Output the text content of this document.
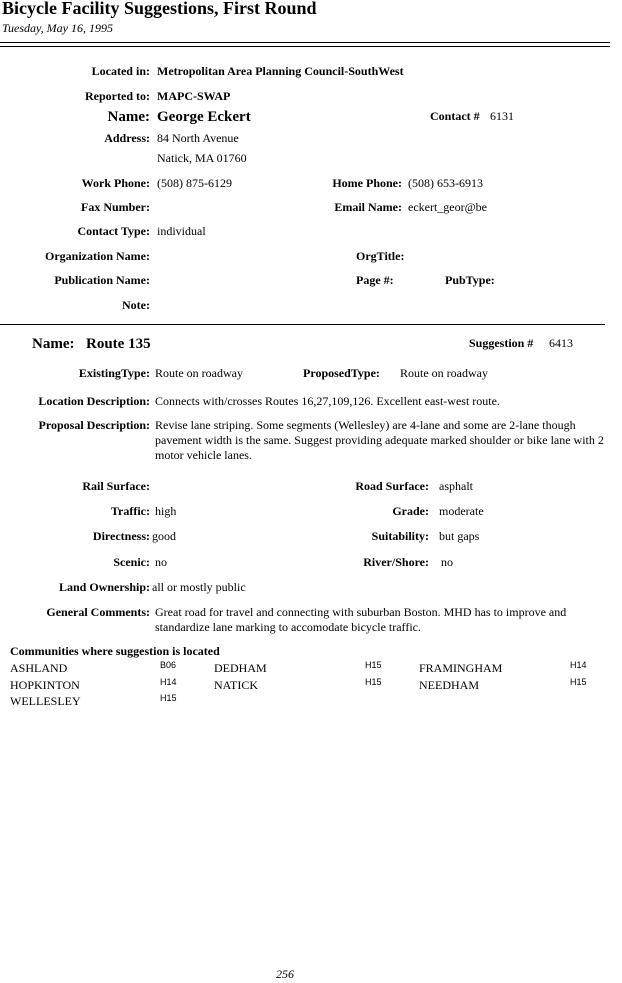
Bicycle Facility Suggestions, First Round
Tuesday, May 16, 1995
Located in: Metropolitan Area Planning Council-SouthWest
Reported to: MAPC-SWAP
Name: George Eckert	Contact # 6131
Address: 84 North Avenue
Natick, MA 01760
Work Phone: (508) 875-6129	Home Phone: (508) 653-6913
Fax Number:	Email Name: eckert_geor@be
Contact Type: individual
Organization Name:	OrgTitle:
Publication Name:	Page #:	PubType:
Note:
Name: Route 135	Suggestion # 6413
ExistingType: Route on roadway	ProposedType: Route on roadway
Location Description: Connects with/crosses Routes 16,27,109,126. Excellent east-west route.
Proposal Description: Revise lane striping. Some segments (Wellesley) are 4-lane and some are 2-lane though pavement width is the same. Suggest providing adequate marked shoulder or bike lane with 2 motor vehicle lanes.
Rail Surface:	Road Surface: asphalt
Traffic: high	Grade: moderate
Directness: good	Suitability: but gaps
Scenic: no	River/Shore: no
Land Ownership: all or mostly public
General Comments: Great road for travel and connecting with suburban Boston. MHD has to improve and standardize lane marking to accomodate bicycle traffic.
Communities where suggestion is located
ASHLAND	B06	DEDHAM	H15	FRAMINGHAM	H14
HOPKINTON	H14	NATICK	H15	NEEDHAM	H15
WELLESLEY	H15
256
